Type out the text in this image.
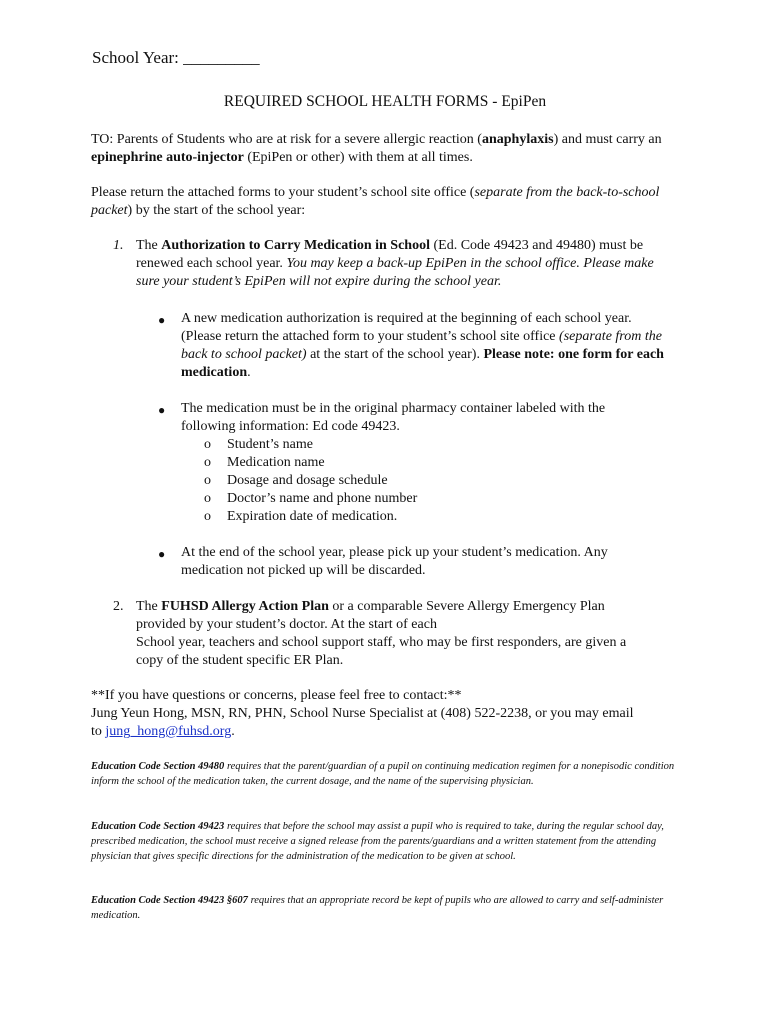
School Year: _________
REQUIRED SCHOOL HEALTH FORMS - EpiPen
TO: Parents of Students who are at risk for a severe allergic reaction (anaphylaxis) and must carry an epinephrine auto-injector (EpiPen or other) with them at all times.
Please return the attached forms to your student’s school site office (separate from the back-to-school packet) by the start of the school year:
1. The Authorization to Carry Medication in School (Ed. Code 49423 and 49480) must be renewed each school year. You may keep a back-up EpiPen in the school office. Please make sure your student’s EpiPen will not expire during the school year.
● A new medication authorization is required at the beginning of each school year. (Please return the attached form to your student’s school site office (separate from the back to school packet) at the start of the school year). Please note: one form for each medication.
● The medication must be in the original pharmacy container labeled with the following information: Ed code 49423.
o Student’s name
o Medication name
o Dosage and dosage schedule
o Doctor’s name and phone number
o Expiration date of medication.
● At the end of the school year, please pick up your student’s medication. Any medication not picked up will be discarded.
2. The FUHSD Allergy Action Plan or a comparable Severe Allergy Emergency Plan
provided by your student’s doctor. At the start of each
School year, teachers and school support staff, who may be first responders, are given a
copy of the student specific ER Plan.
**If you have questions or concerns, please feel free to contact:**
Jung Yeun Hong, MSN, RN, PHN, School Nurse Specialist at (408) 522-2238, or you may email
to jung_hong@fuhsd.org.
Education Code Section 49480 requires that the parent/guardian of a pupil on continuing medication regimen for a nonepisodic condition inform the school of the medication taken, the current dosage, and the name of the supervising physician.
Education Code Section 49423 requires that before the school may assist a pupil who is required to take, during the regular school day, prescribed medication, the school must receive a signed release from the parents/guardians and a written statement from the attending physician that gives specific directions for the administration of the medication to be given at school.
Education Code Section 49423 §607 requires that an appropriate record be kept of pupils who are allowed to carry and self-administer medication.
